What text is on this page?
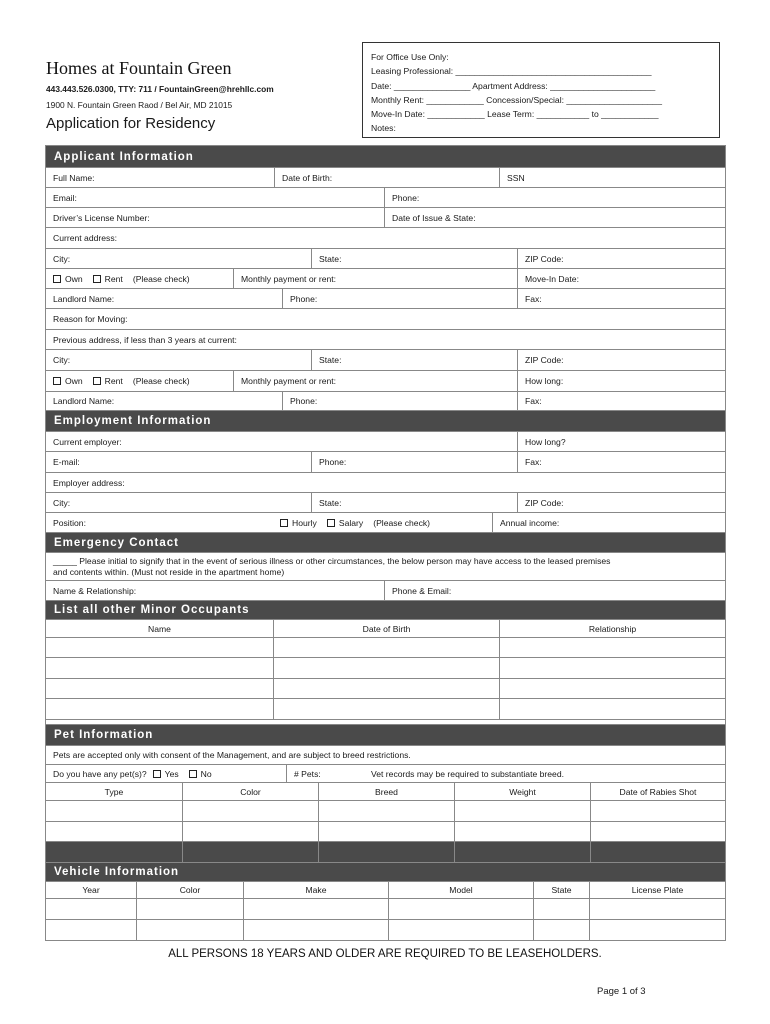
Homes at Fountain Green
443.443.526.0300, TTY: 711 / FountainGreen@hrehllc.com
1900 N. Fountain Green Raod / Bel Air, MD 21015
Application for Residency
For Office Use Only:
Leasing Professional: _________________________________________
Date: ________________ Apartment Address: ______________________
Monthly Rent: ____________ Concession/Special: ____________________
Move-In Date: ____________ Lease Term: ___________ to ____________
Notes:
Applicant Information
Full Name:	Date of Birth:	SSN
Email:	Phone:
Driver’s License Number:	Date of Issue & State:
Current address:
City:	State:	ZIP Code:
Own	Rent (Please check)	Monthly payment or rent:	Move-In Date:
Landlord Name:	Phone:	Fax:
Reason for Moving:
Previous address, if less than 3 years at current:
City:	State:	ZIP Code:
Own	Rent (Please check)	Monthly payment or rent:	How long:
Landlord Name:	Phone:	Fax:
Employment Information
Current employer:	How long?
E-mail:	Phone:	Fax:
Employer address:
City:	State:	ZIP Code:
Position:	Hourly	Salary (Please check)	Annual income:
Emergency Contact
_____ Please initial to signify that in the event of serious illness or other circumstances, the below person may have access to the leased premises
and contents within. (Must not reside in the apartment home)
Name & Relationship:	Phone & Email:
List all other Minor Occupants
Name	Date of Birth	Relationship
Pet Information
Pets are accepted only with consent of the Management, and are subject to breed restrictions.
Do you have any pet(s)? Yes	No	# Pets:	Vet records may be required to substantiate breed.
Type	Color	Breed	Weight	Date of Rabies Shot
Vehicle Information
Year	Color	Make	Model	State	License Plate
ALL PERSONS 18 YEARS AND OLDER ARE REQUIRED TO BE LEASEHOLDERS.
Page 1 of 3
